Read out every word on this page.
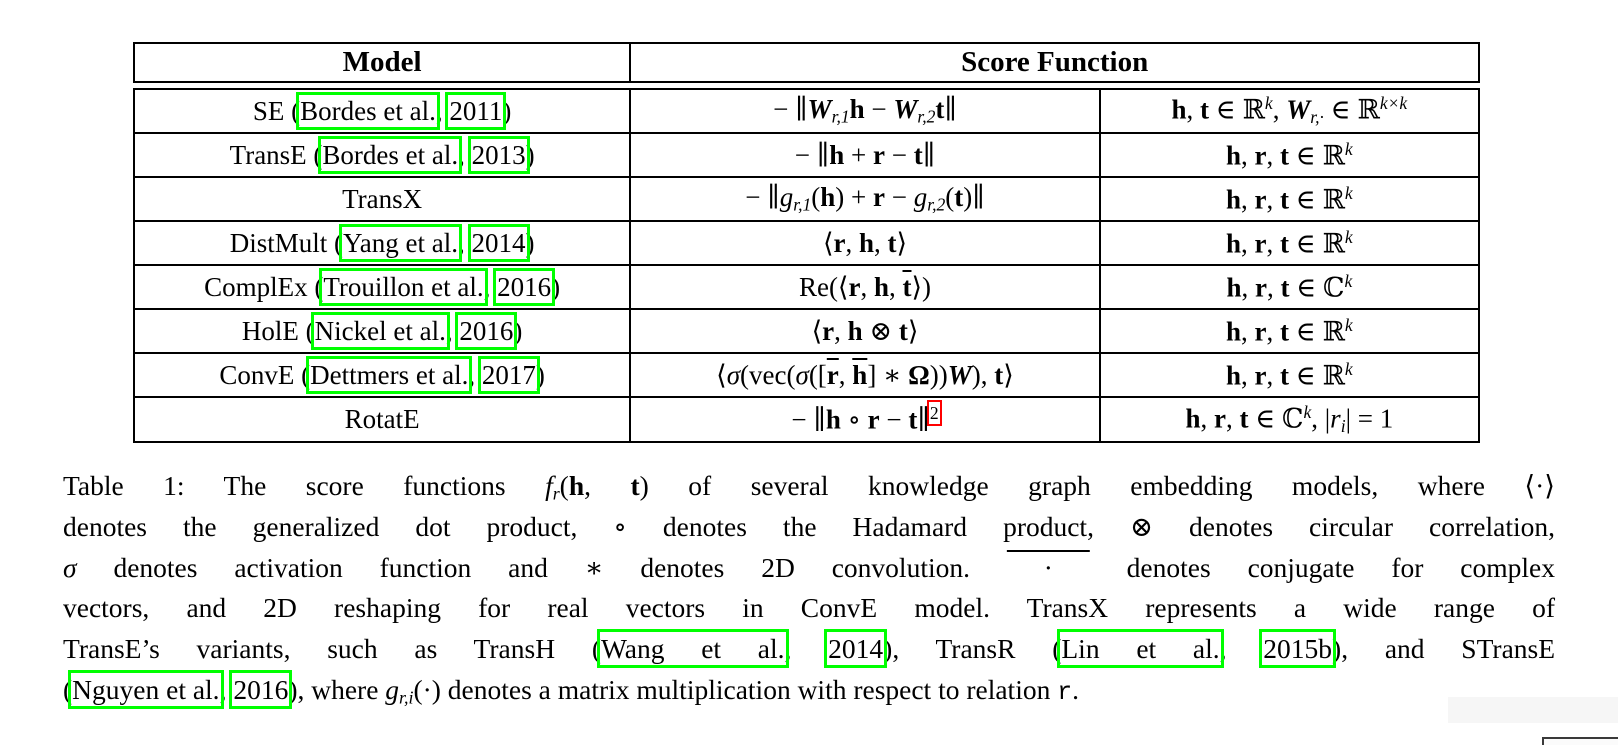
Model	Score Function
SE (Bordes et al., 2011)	− $\parallel W_{r,1}h$ − $W_{r,2}t\parallel$	h, t ∈ ℝ$^k$, $W_{r,\cdot}$ ∈ ℝ$^{k\times k}$
TransE (Bordes et al., 2013)	− ∥h + r − t∥	h, r, t ∈ ℝ$^k$
TransX	− $\parallel g_{r,1}(h) + r$ − $g_{r,2}(t)\parallel$	h, r, t ∈ ℝ$^k$
DistMult (Yang et al., 2014)	⟨r, h, t⟩	h, r, t ∈ ℝ$^k$
ComplEx (Trouillon et al., 2016)	Re(⟨r, h, $\overline{t}⟩$)	h, r, t ∈ ℂ$^k$
HolE (Nickel et al., 2016)	⟨r, h ⊗ t⟩	h, r, t ∈ ℝ$^k$
ConvE (Dettmers et al., 2017)	$⟨\sigma(vec(\sigma([\overline{r}$, $\overline{h}$] ∗ Ω))W), t⟩	h, r, t ∈ ℝ$^k$
RotatE	− ∥h ∘ r − t∥$^2$	h, r, t ∈ ℂ$^k$, $|r_i| = 1$
Table 1: The score functions $f_r(h$, t) of several knowledge graph embedding models, where ⟨·⟩
denotes the generalized dot product, ∘ denotes the Hadamard product, ⊗ denotes circular correlation,
σ denotes activation function and ∗ denotes 2D convolution.  ·  denotes conjugate for complex
vectors, and 2D reshaping for real vectors in ConvE model. TransX represents a wide range of
TransE’s variants, such as TransH (Wang et al., 2014), TransR (Lin et al., 2015b), and STransE
(Nguyen et al., 2016), where $g_{r,i}(\cdot)$ denotes a matrix multiplication with respect to relation r.
